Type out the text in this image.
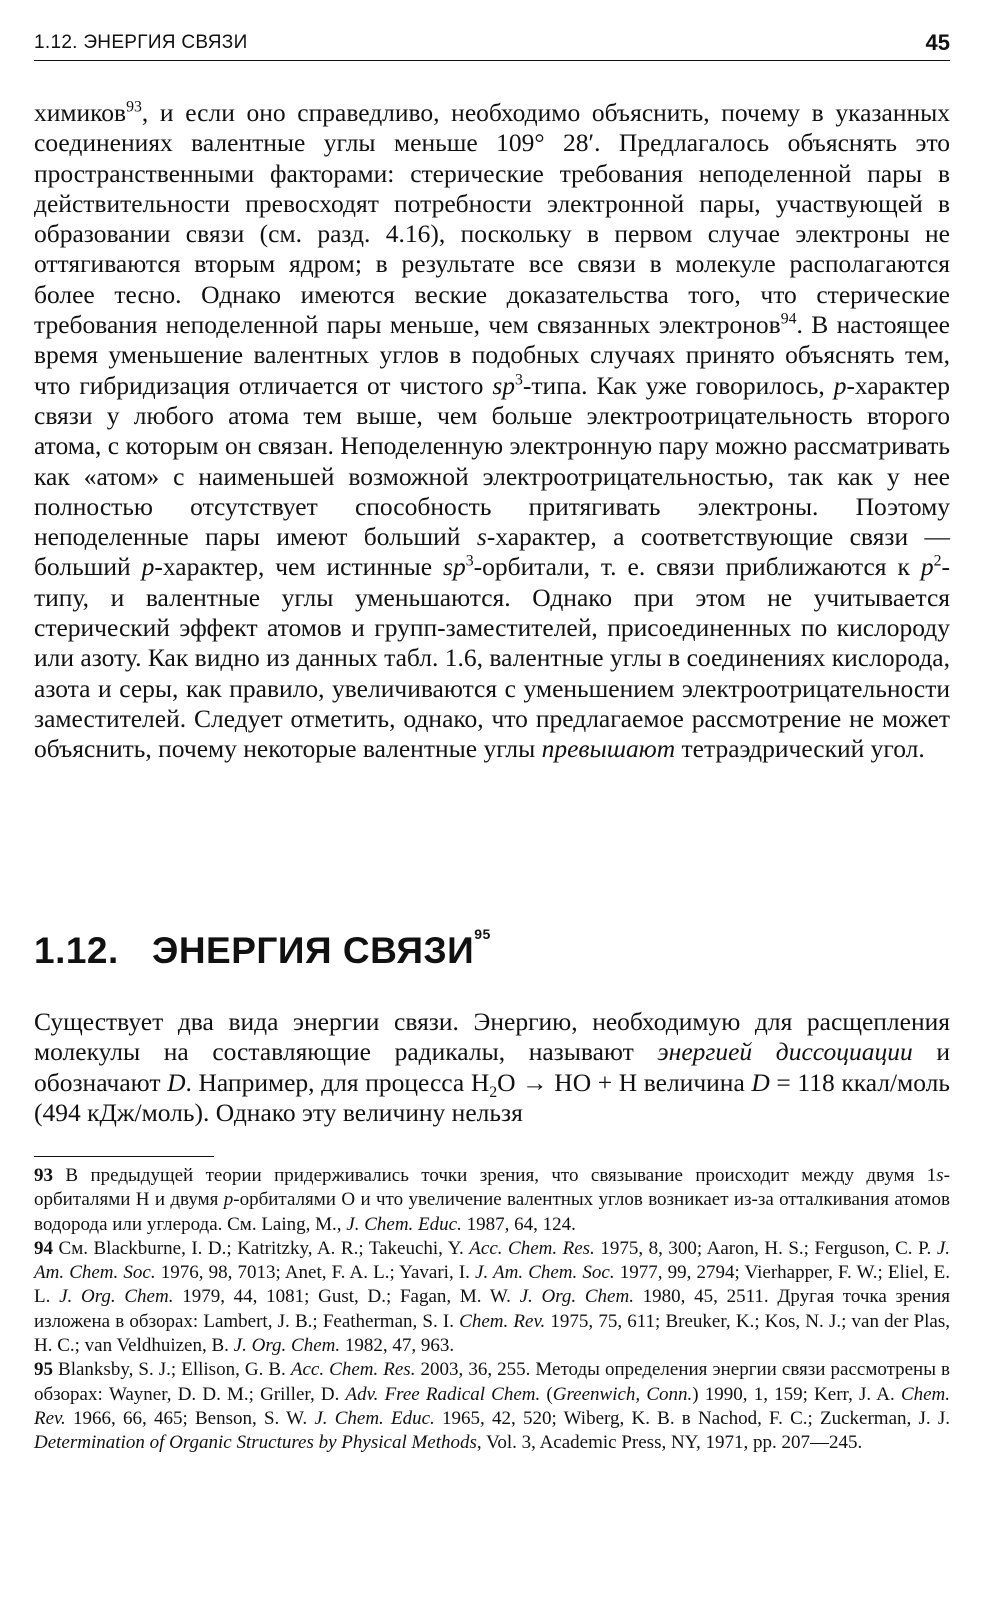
1.12. ЭНЕРГИЯ СВЯЗИ	45

химиков$^{93}$, и если оно справедливо, необходимо объяснить, почему в указанных соединениях валентные углы меньше 109° 28′. Предлагалось объяснять это пространственными факторами: стерические требования неподеленной пары в действительности превосходят потребности электронной пары, участвующей в образовании связи (см. разд. 4.16), поскольку в первом случае электроны не оттягиваются вторым ядром; в результате все связи в молекуле располагаются более тесно. Однако имеются веские доказательства того, что стерические требования неподеленной пары меньше, чем связанных электронов$^{94}$. В настоящее время уменьшение валентных углов в подобных случаях принято объяснять тем, что гибридизация отличается от чистого $sp^3$-типа. Как уже говорилось, p-характер связи у любого атома тем выше, чем больше электроотрицательность второго атома, с которым он связан. Неподеленную электронную пару можно рассматривать как «атом» с наименьшей возможной электроотрицательностью, так как у нее полностью отсутствует способность притягивать электроны. Поэтому неподеленные пары имеют больший s-характер, а соответствующие связи — больший p-характер, чем истинные $sp^3$-орбитали, т. е. связи приближаются к $p^2$-типу, и валентные углы уменьшаются. Однако при этом не учитывается стерический эффект атомов и групп-заместителей, присоединенных по кислороду или азоту. Как видно из данных табл. 1.6, валентные углы в соединениях кислорода, азота и серы, как правило, увеличиваются с уменьшением электроотрицательности заместителей. Следует отметить, однако, что предлагаемое рассмотрение не может объяснить, почему некоторые валентные углы превышают тетраэдрический угол.

1.12. ЭНЕРГИЯ СВЯЗИ$^{95}$

Существует два вида энергии связи. Энергию, необходимую для расщепления молекулы на составляющие радикалы, называют энергией диссоциации и обозначают D. Например, для процесса $H_2O$ → HO + H величина D = 118 ккал/моль (494 кДж/моль). Однако эту величину нельзя

93 В предыдущей теории придерживались точки зрения, что связывание происходит между двумя 1s-орбиталями H и двумя p-орбиталями O и что увеличение валентных углов возникает из-за отталкивания атомов водорода или углерода. См. Laing, M., J. Chem. Educ. 1987, 64, 124.

94 См. Blackburne, I. D.; Katritzky, A. R.; Takeuchi, Y. Acc. Chem. Res. 1975, 8, 300; Aaron, H. S.; Ferguson, C. P. J. Am. Chem. Soc. 1976, 98, 7013; Anet, F. A. L.; Yavari, I. J. Am. Chem. Soc. 1977, 99, 2794; Vierhapper, F. W.; Eliel, E. L. J. Org. Chem. 1979, 44, 1081; Gust, D.; Fagan, M. W. J. Org. Chem. 1980, 45, 2511. Другая точка зрения изложена в обзорах: Lambert, J. B.; Featherman, S. I. Chem. Rev. 1975, 75, 611; Breuker, K.; Kos, N. J.; van der Plas, H. C.; van Veldhuizen, B. J. Org. Chem. 1982, 47, 963.

95 Blanksby, S. J.; Ellison, G. B. Acc. Chem. Res. 2003, 36, 255. Методы определения энергии связи рассмотрены в обзорах: Wayner, D. D. M.; Griller, D. Adv. Free Radical Chem. (Greenwich, Conn.) 1990, 1, 159; Kerr, J. A. Chem. Rev. 1966, 66, 465; Benson, S. W. J. Chem. Educ. 1965, 42, 520; Wiberg, K. B. в Nachod, F. C.; Zuckerman, J. J. Determination of Organic Structures by Physical Methods, Vol. 3, Academic Press, NY, 1971, pp. 207—245.
